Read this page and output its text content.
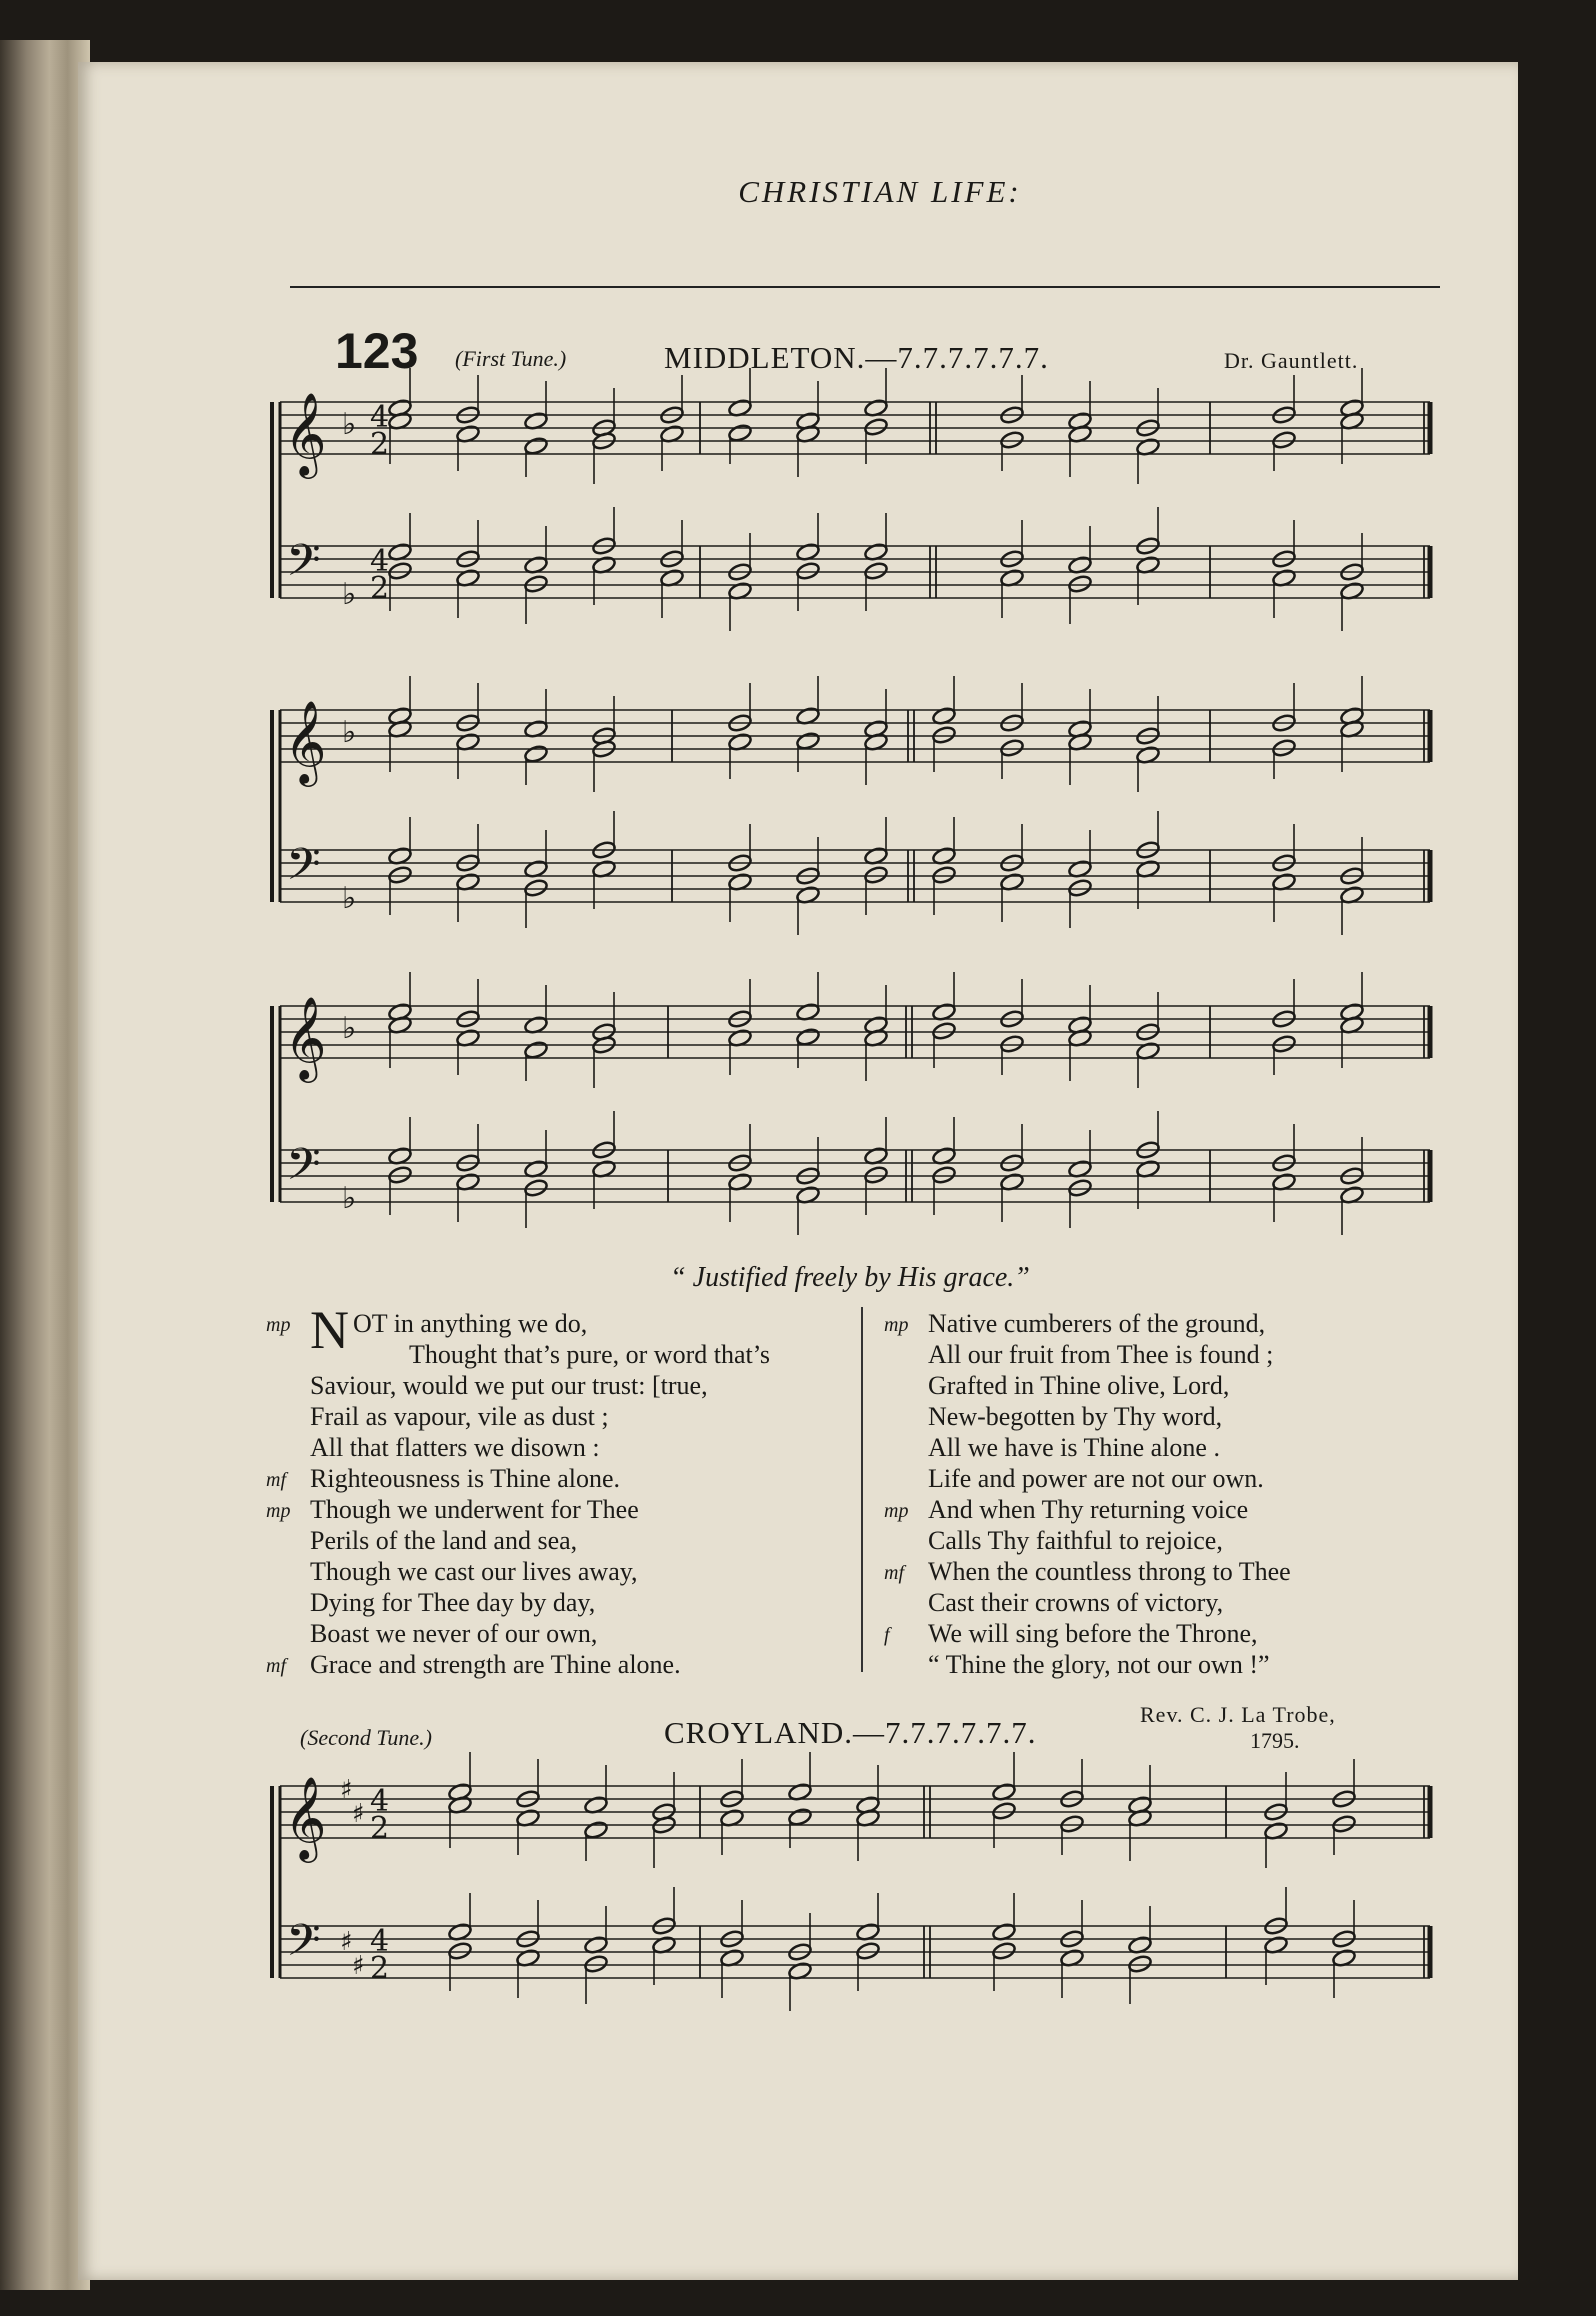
CHRISTIAN LIFE:
123 (First Tune.)	MIDDLETON.—7.7.7.7.7.7.	Dr. Gauntlett.
𝄞
𝄢
♭
♭
4
2
4
2
𝄞
𝄢
♭
♭
𝄞
𝄢
♭
♭
𝄞
𝄢
♯
♯
♯
♯
4
2
4
2
“ Justified freely by His grace.”
mp N OT in anything we do,
Thought that’s pure, or word that’s
Saviour, would we put our trust: [true,
Frail as vapour, vile as dust ;
All that flatters we disown :
mf Righteousness is Thine alone.
mp Though we underwent for Thee
Perils of the land and sea,
Though we cast our lives away,
Dying for Thee day by day,
Boast we never of our own,
mf Grace and strength are Thine alone.
mp Native cumberers of the ground,
All our fruit from Thee is found ;
Grafted in Thine olive, Lord,
New-begotten by Thy word,
All we have is Thine alone .
Life and power are not our own.
mp And when Thy returning voice
Calls Thy faithful to rejoice,
mf When the countless throng to Thee
Cast their crowns of victory,
f We will sing before the Throne,
“ Thine the glory, not our own !”
(Second Tune.)	CROYLAND.—7.7.7.7.7.7.
Rev. C. J. La Trobe,
1795.
